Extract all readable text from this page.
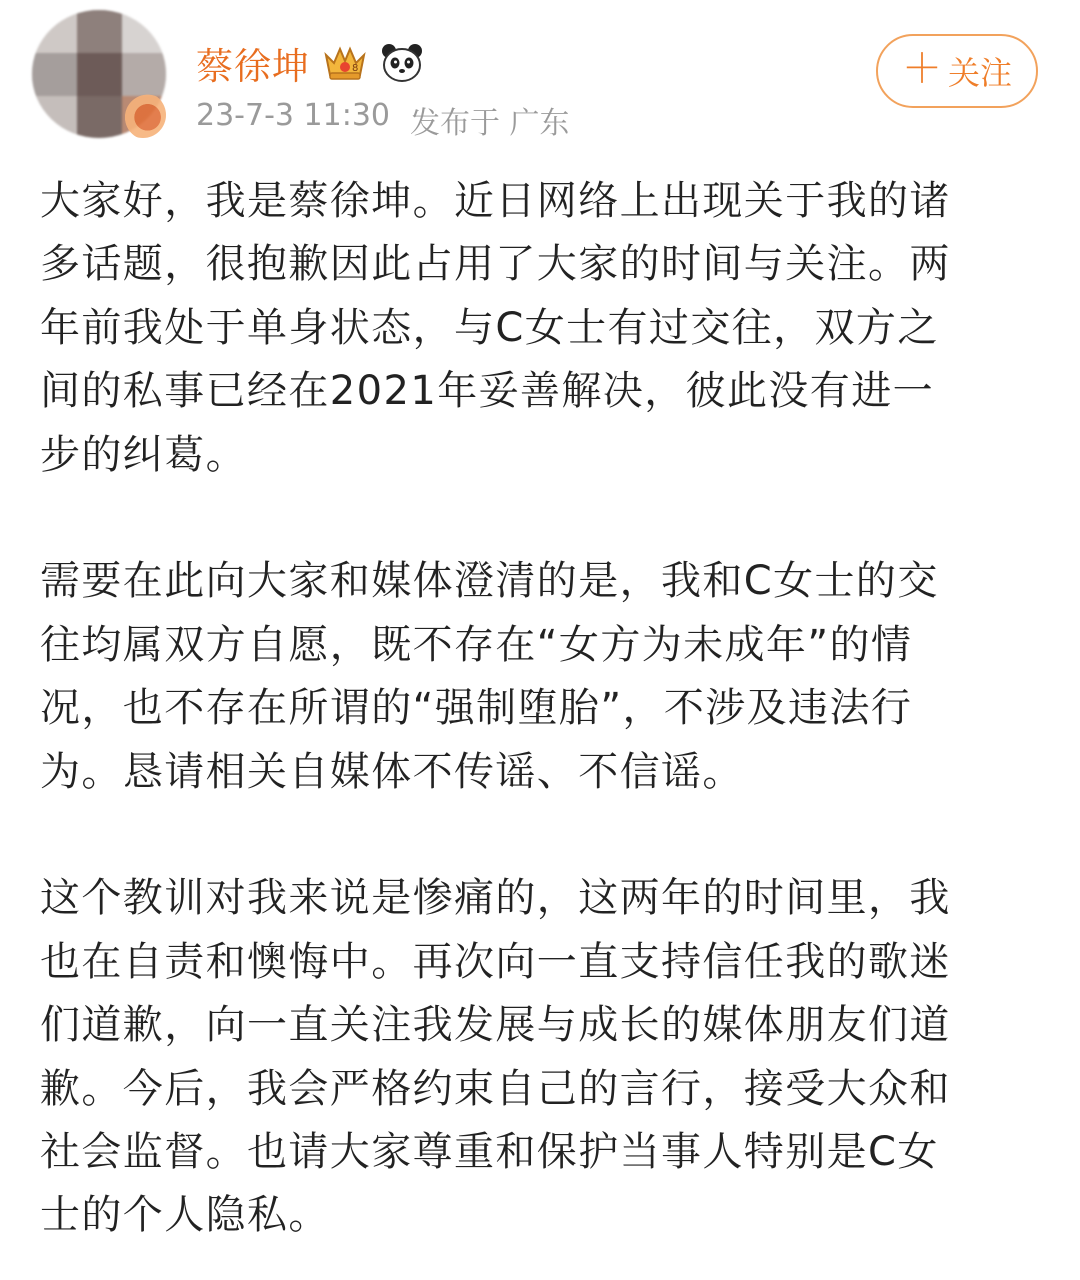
蔡徐坤	8
23-7-3 11:30 发布于 广东
＋ 关注

大家好，我是蔡徐坤。近日网络上出现关于我的诸

多话题，很抱歉因此占用了大家的时间与关注。两

年前我处于单身状态，与C女士有过交往，双方之

间的私事已经在2021年妥善解决，彼此没有进一

步的纠葛。

需要在此向大家和媒体澄清的是，我和C女士的交

往均属双方自愿，既不存在“女方为未成年”的情

况，也不存在所谓的“强制堕胎”，不涉及违法行

为。恳请相关自媒体不传谣、不信谣。

这个教训对我来说是惨痛的，这两年的时间里，我

也在自责和懊悔中。再次向一直支持信任我的歌迷

们道歉，向一直关注我发展与成长的媒体朋友们道

歉。今后，我会严格约束自己的言行，接受大众和

社会监督。也请大家尊重和保护当事人特别是C女

士的个人隐私。
